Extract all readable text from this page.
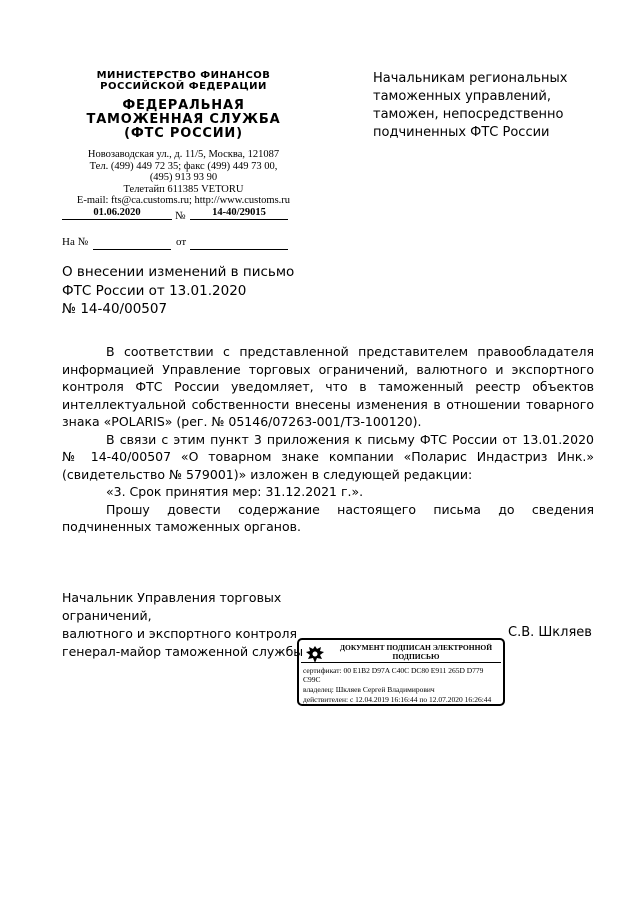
МИНИСТЕРСТВО ФИНАНСОВ
РОССИЙСКОЙ ФЕДЕРАЦИИ
ФЕДЕРАЛЬНАЯ
ТАМОЖЕННАЯ СЛУЖБА
(ФТС РОССИИ)
Новозаводская ул., д. 11/5, Москва, 121087
Тел. (499) 449 72 35; факс (499) 449 73 00,
(495) 913 93 90
Телетайп 611385 VETORU
E-mail: fts@ca.customs.ru; http://www.customs.ru
01.06.2020	№	14-40/29015
На №	от
Начальникам региональных
таможенных управлений,
таможен, непосредственно
подчиненных ФТС России
О внесении изменений в письмо
ФТС России от 13.01.2020
№ 14-40/00507

В соответствии с представленной представителем правообладателя информацией Управление торговых ограничений, валютного и экспортного контроля ФТС России уведомляет, что в таможенный реестр объектов интеллектуальной собственности внесены изменения в отношении товарного знака «POLARIS» (рег. № 05146/07263-001/ТЗ-100120).

В связи с этим пункт 3 приложения к письму ФТС России от 13.01.2020 № 14-40/00507 «О товарном знаке компании «Поларис Индастриз Инк.» (свидетельство № 579001)» изложен в следующей редакции:

«3. Срок принятия мер: 31.12.2021 г.».

Прошу довести содержание настоящего письма до сведения подчиненных таможенных органов.

Начальник Управления торговых ограничений,
валютного и экспортного контроля
генерал-майор таможенной службы
С.В. Шкляев
ДОКУМЕНТ ПОДПИСАН ЭЛЕКТРОННОЙ
ПОДПИСЬЮ
сертификат: 00 E1B2 D97A C40C DC80 E911 265D D779
C99C
владелец: Шкляев Сергей Владимирович
действителен: с 12.04.2019 16:16:44 по 12.07.2020 16:26:44
